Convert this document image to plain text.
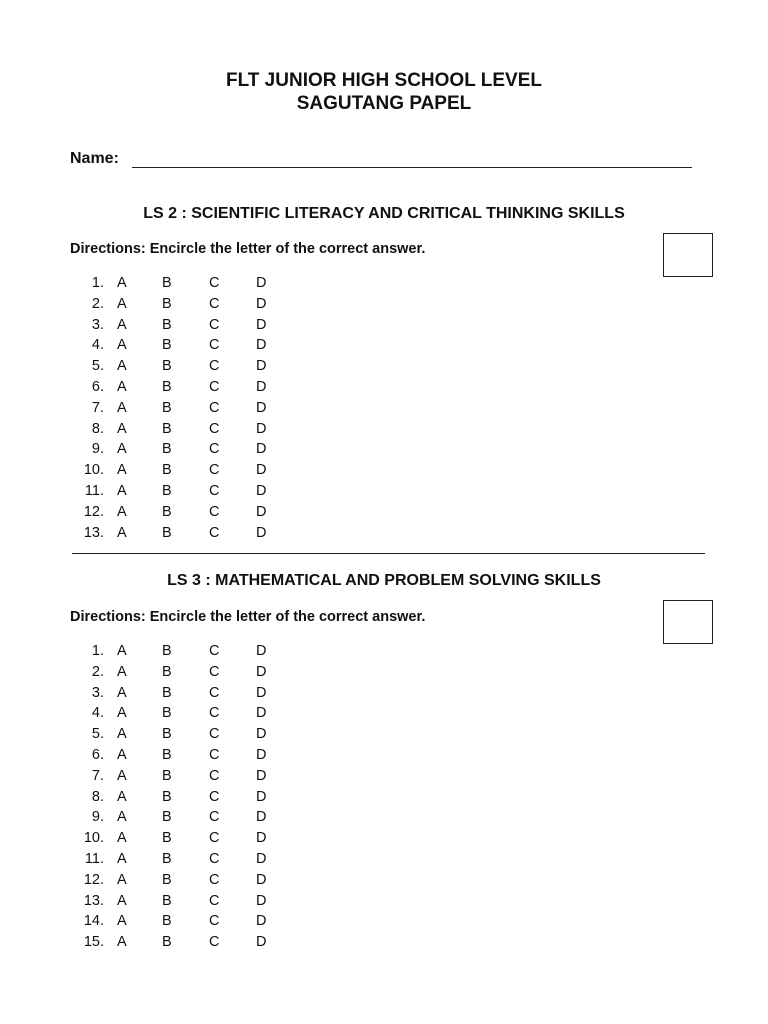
FLT JUNIOR HIGH SCHOOL LEVEL
SAGUTANG PAPEL
Name:
LS 2 : SCIENTIFIC LITERACY AND CRITICAL THINKING SKILLS
Directions: Encircle the letter of the correct answer.
1. A B	C	D
2. A B	C	D
3. A B	C	D
4. A B	C	D
5. A B	C	D
6. A B	C	D
7. A B	C	D
8. A B	C	D
9. A B	C	D
10. A B	C	D
11. A B	C	D
12. A B	C	D
13. A B	C	D
LS 3 : MATHEMATICAL AND PROBLEM SOLVING SKILLS
Directions: Encircle the letter of the correct answer.
1. A B	C	D
2. A B	C	D
3. A B	C	D
4. A B	C	D
5. A B	C	D
6. A B	C	D
7. A B	C	D
8. A B	C	D
9. A B	C	D
10. A B	C	D
11. A B	C	D
12. A B	C	D
13. A B	C	D
14. A B	C	D
15. A B	C	D
